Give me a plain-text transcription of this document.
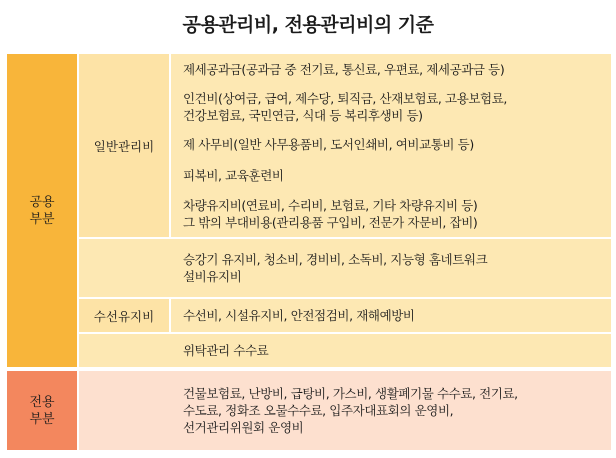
공용관리비, 전용관리비의 기준
공용
부분
전용
부분
일반관리비
제세공과금(공과금 중 전기료, 통신료, 우편료, 제세공과금 등)
인건비(상여금, 급여, 제수당, 퇴직금, 산재보험료, 고용보험료,
건강보험료, 국민연금, 식대 등 복리후생비 등)
제 사무비(일반 사무용품비, 도서인쇄비, 여비교통비 등)
피복비, 교육훈련비
차량유지비(연료비, 수리비, 보험료, 기타 차량유지비 등)
그 밖의 부대비용(관리용품 구입비, 전문가 자문비, 잡비)
승강기 유지비, 청소비, 경비비, 소독비, 지능형 홈네트워크
설비유지비
수선유지비	수선비, 시설유지비, 안전점검비, 재해예방비
위탁관리 수수료
건물보험료, 난방비, 급탕비, 가스비, 생활폐기물 수수료, 전기료,
수도료, 정화조 오물수수료, 입주자대표회의 운영비,
선거관리위원회 운영비
